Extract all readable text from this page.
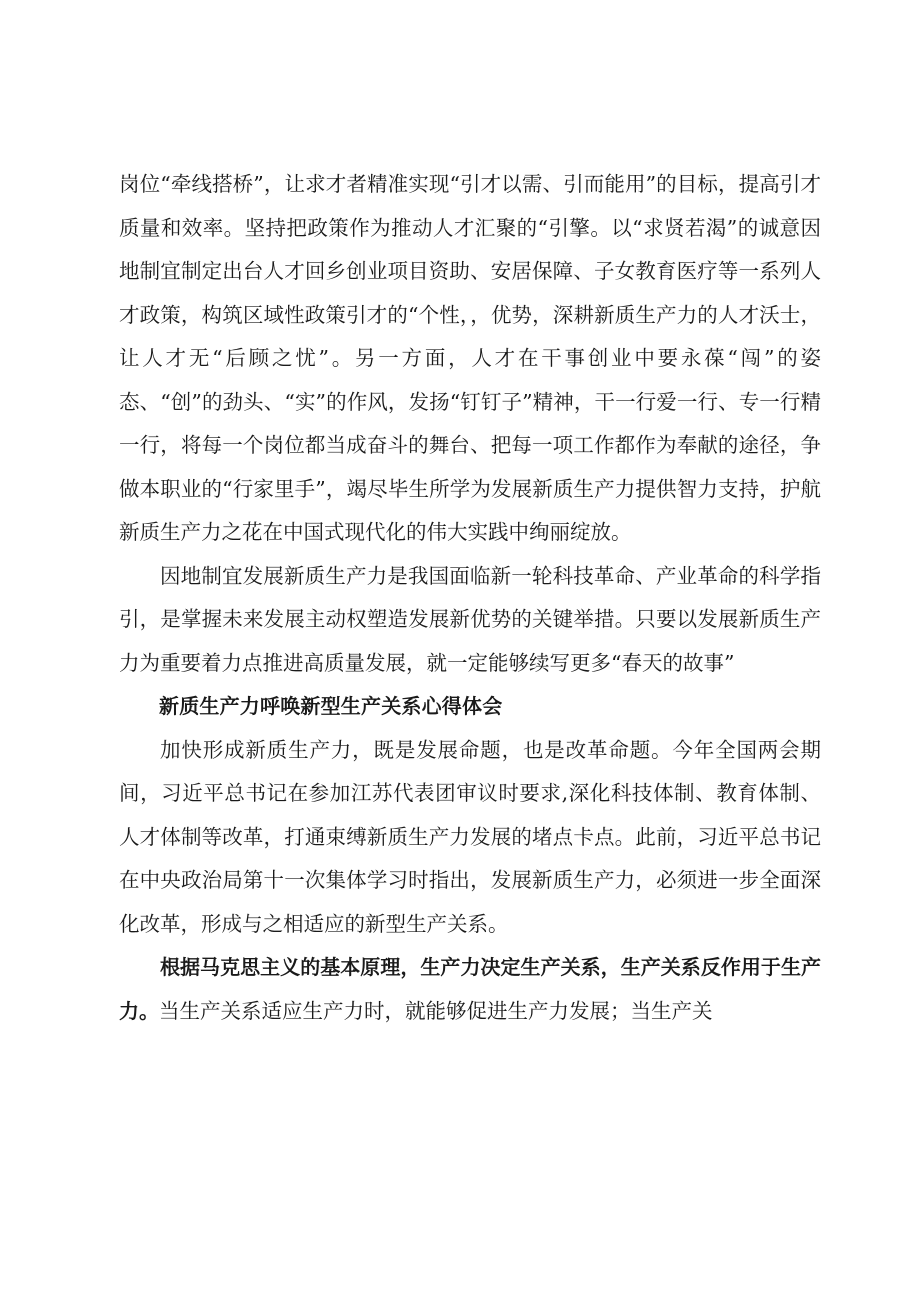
岗位“牵线搭桥”，让求才者精准实现“引才以需、引而能用”的目标，提高引才质量和效率。坚持把政策作为推动人才汇聚的“引擎。以“求贤若渴”的诚意因地制宜制定出台人才回乡创业项目资助、安居保障、子女教育医疗等一系列人才政策，构筑区域性政策引才的“个性，，优势，深耕新质生产力的人才沃士，让人才无“后顾之忧”。另一方面，人才在干事创业中要永葆“闯”的姿态、“创”的劲头、“实”的作风，发扬“钉钉子”精神，干一行爱一行、专一行精一行，将每一个岗位都当成奋斗的舞台、把每一项工作都作为奉献的途径，争做本职业的“行家里手”，竭尽毕生所学为发展新质生产力提供智力支持，护航新质生产力之花在中国式现代化的伟大实践中绚丽绽放。

因地制宜发展新质生产力是我国面临新一轮科技革命、产业革命的科学指引，是掌握未来发展主动权塑造发展新优势的关键举措。只要以发展新质生产力为重要着力点推进高质量发展，就一定能够续写更多“春天的故事”

新质生产力呼唤新型生产关系心得体会

加快形成新质生产力，既是发展命题，也是改革命题。今年全国两会期间，习近平总书记在参加江苏代表团审议时要求,深化科技体制、教育体制、人才体制等改革，打通束缚新质生产力发展的堵点卡点。此前，习近平总书记在中央政治局第十一次集体学习时指出，发展新质生产力，必须进一步全面深化改革，形成与之相适应的新型生产关系。

根据马克思主义的基本原理，生产力决定生产关系，生产关系反作用于生产力。当生产关系适应生产力时，就能够促进生产力发展；当生产关
